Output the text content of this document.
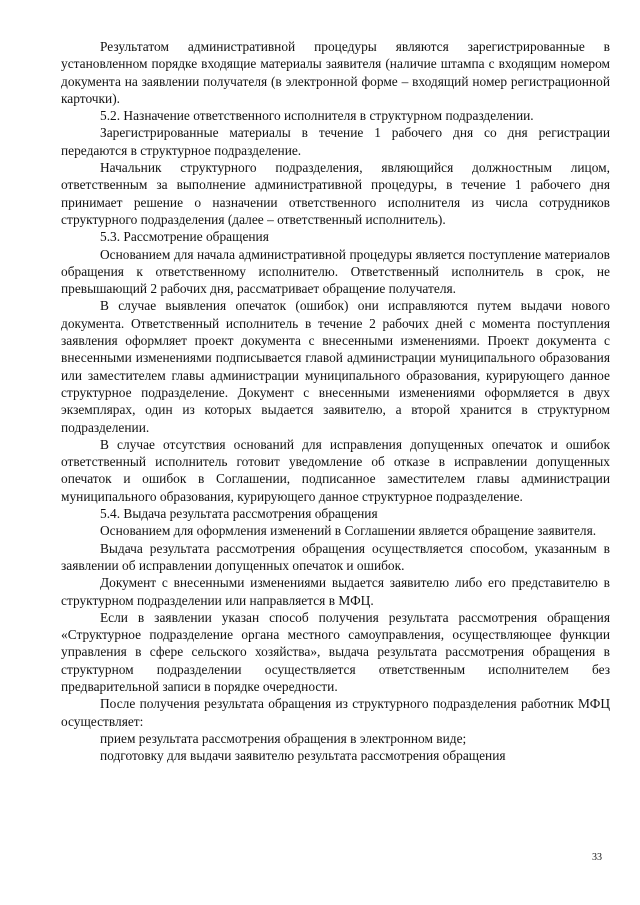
Результатом административной процедуры являются зарегистрированные в установленном порядке входящие материалы заявителя (наличие штампа с входящим номером документа на заявлении получателя (в электронной форме – входящий номер регистрационной карточки).

5.2. Назначение ответственного исполнителя в структурном подразделении.

Зарегистрированные материалы в течение 1 рабочего дня со дня регистрации передаются в структурное подразделение.

Начальник структурного подразделения, являющийся должностным лицом, ответственным за выполнение административной процедуры, в течение 1 рабочего дня принимает решение о назначении ответственного исполнителя из числа сотрудников структурного подразделения (далее – ответственный исполнитель).

5.3. Рассмотрение обращения

Основанием для начала административной процедуры является поступление материалов обращения к ответственному исполнителю. Ответственный исполнитель в срок, не превышающий 2 рабочих дня, рассматривает обращение получателя.

В случае выявления опечаток (ошибок) они исправляются путем выдачи нового документа. Ответственный исполнитель в течение 2 рабочих дней с момента поступления заявления оформляет проект документа с внесенными изменениями. Проект документа с внесенными изменениями подписывается главой администрации муниципального образования или заместителем главы администрации муниципального образования, курирующего данное структурное подразделение. Документ с внесенными изменениями оформляется в двух экземплярах, один из которых выдается заявителю, а второй хранится в структурном подразделении.

В случае отсутствия оснований для исправления допущенных опечаток и ошибок ответственный исполнитель готовит уведомление об отказе в исправлении допущенных опечаток и ошибок в Соглашении, подписанное заместителем главы администрации муниципального образования, курирующего данное структурное подразделение.

5.4. Выдача результата рассмотрения обращения

Основанием для оформления изменений в Соглашении является обращение заявителя.

Выдача результата рассмотрения обращения осуществляется способом, указанным в заявлении об исправлении допущенных опечаток и ошибок.

Документ с внесенными изменениями выдается заявителю либо его представителю в структурном подразделении или направляется в МФЦ.

Если в заявлении указан способ получения результата рассмотрения обращения «Структурное подразделение органа местного самоуправления, осуществляющее функции управления в сфере сельского хозяйства», выдача результата рассмотрения обращения в структурном подразделении осуществляется ответственным исполнителем без предварительной записи в порядке очередности.

После получения результата обращения из структурного подразделения работник МФЦ осуществляет:

прием результата рассмотрения обращения в электронном виде;

подготовку для выдачи заявителю результата рассмотрения обращения

33
